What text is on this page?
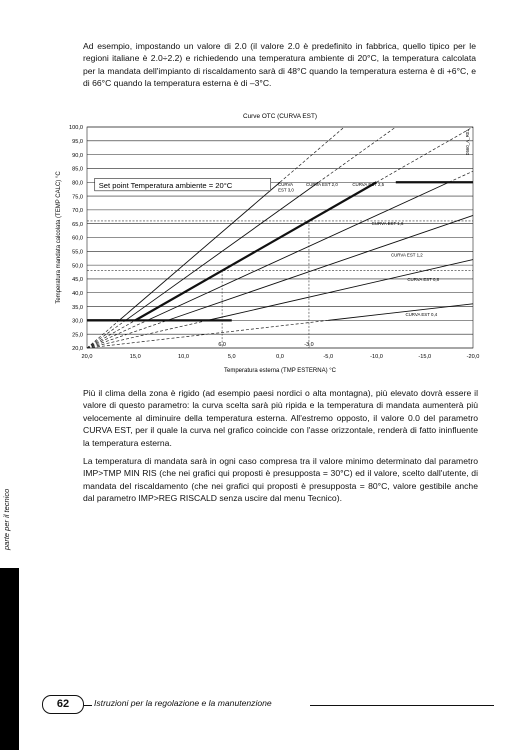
Ad esempio, impostando un valore di 2.0 (il valore 2.0 è predefinito in fabbrica, quello tipico per le regioni italiane è 2.0÷2.2) e richiedendo una temperatura ambiente di 20°C, la temperatura calcolata per la mandata dell'impianto di riscaldamento sarà di 48°C quando la temperatura esterna è di +6°C, e di 66°C quando la temperatura esterna è di –3°C.

Curve OTC (CURVA EST)
100,0
95,0
90,0
85,0
80,0
75,0
70,0
65,0
60,0
55,0
50,0
45,0
40,0
35,0
30,0
25,0
20,0
20,0	15,0	10,0	5,0	0,0	-5,0	-10,0	-15,0	-20,0
Temperatura esterna (TMP ESTERNA) °C
Temperatura mandata calcolata (TEMP CALC) °C
6,0	-3,0
CURVA EST 0,4
CURVA EST 0,8
CURVA EST 1,2
CURVA EST 1,6
CURVA EST 2,0	CURVA EST 2,5
CURVA
EST 3,0
Set point Temperatura ambiente = 20°C
0560_A_R01

Più il clima della zona è rigido (ad esempio paesi nordici o alta montagna), più elevato dovrà essere il valore di questo parametro: la curva scelta sarà più ripida e la temperatura di mandata aumenterà più velocemente al diminuire della temperatura esterna. All'estremo opposto, il valore 0.0 del parametro CURVA EST, per il quale la curva nel grafico coincide con l'asse orizzontale, renderà di fatto ininfluente la temperatura esterna.

La temperatura di mandata sarà in ogni caso compresa tra il valore minimo determinato dal parametro IMP>TMP MIN RIS (che nei grafici qui proposti è presupposta = 30°C) ed il valore, scelto dall'utente, di mandata del riscaldamento (che nei grafici qui proposti è presupposta = 80°C, valore gestibile anche dal parametro IMP>REG RISCALD senza uscire dal menu Tecnico).

parte per il tecnico
62	Istruzioni per la regolazione e la manutenzione
